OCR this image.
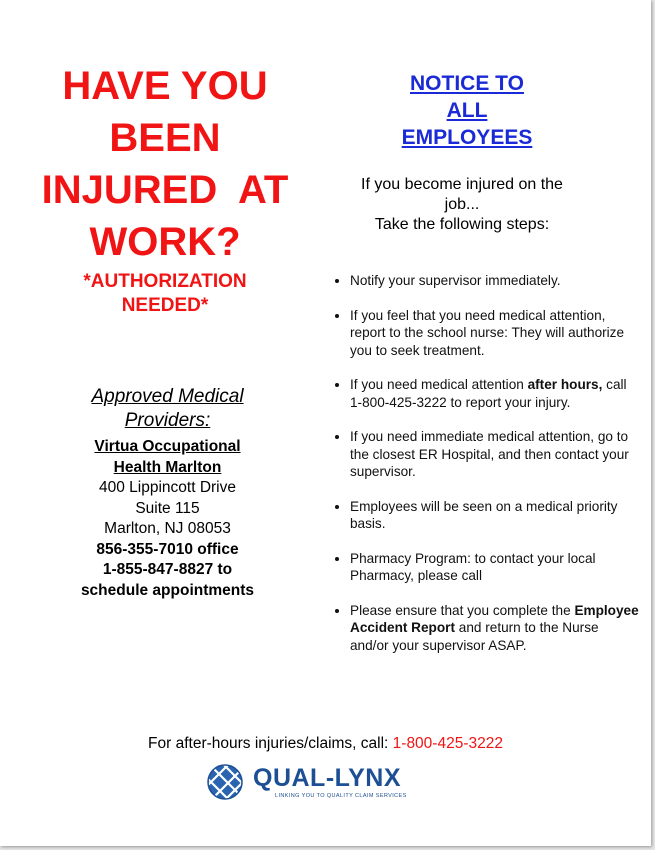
HAVE YOU
BEEN
INJURED  AT
WORK?
*AUTHORIZATION
NEEDED*
Approved Medical
Providers:
Virtua Occupational
Health Marlton
400 Lippincott Drive
Suite 115
Marlton, NJ 08053
856-355-7010 office
1-855-847-8827 to
schedule appointments
NOTICE TO
ALL
EMPLOYEES
If you become injured on the
job...
Take the following steps:
• Notify your supervisor immediately.
• If you feel that you need medical attention, report to the school nurse: They will authorize you to seek treatment.
• If you need medical attention after hours, call 1-800-425-3222 to report your injury.
• If you need immediate medical attention, go to the closest ER Hospital, and then contact your supervisor.
• Employees will be seen on a medical priority basis.
• Pharmacy Program: to contact your local Pharmacy, please call
• Please ensure that you complete the Employee Accident Report and return to the Nurse and/or your supervisor ASAP.
For after-hours injuries/claims, call: 1-800-425-3222
QUAL-LYNX
LINKING YOU TO QUALITY CLAIM SERVICES
